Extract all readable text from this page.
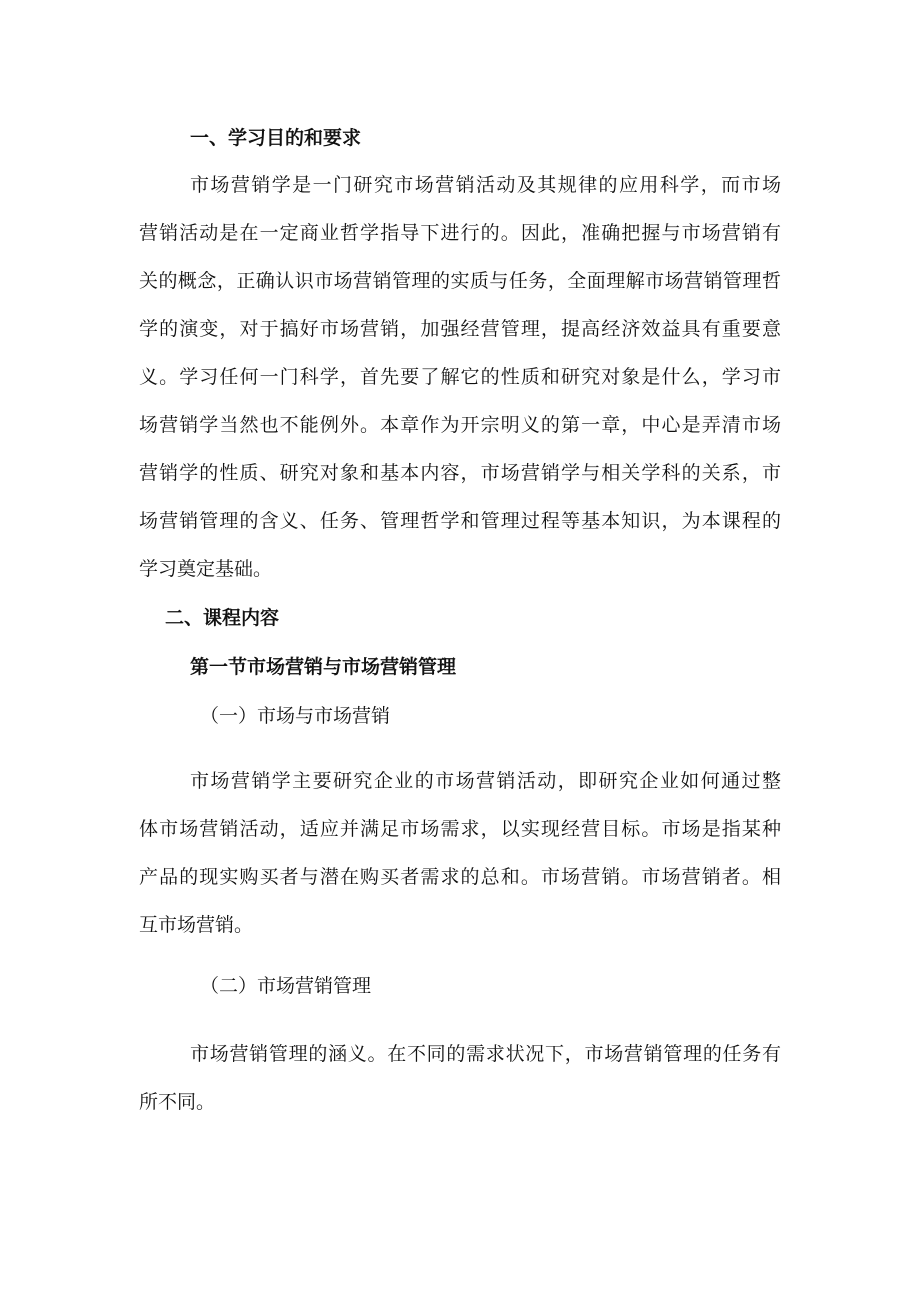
一、学习目的和要求
市场营销学是一门研究市场营销活动及其规律的应用科学，而市场
营销活动是在一定商业哲学指导下进行的。因此，准确把握与市场营销有
关的概念，正确认识市场营销管理的实质与任务，全面理解市场营销管理哲
学的演变，对于搞好市场营销，加强经营管理，提高经济效益具有重要意
义。学习任何一门科学，首先要了解它的性质和研究对象是什么，学习市
场营销学当然也不能例外。本章作为开宗明义的第一章，中心是弄清市场
营销学的性质、研究对象和基本内容，市场营销学与相关学科的关系，市
场营销管理的含义、任务、管理哲学和管理过程等基本知识，为本课程的
学习奠定基础。
二、课程内容
第一节市场营销与市场营销管理
（一）市场与市场营销
市场营销学主要研究企业的市场营销活动，即研究企业如何通过整
体市场营销活动，适应并满足市场需求，以实现经营目标。市场是指某种
产品的现实购买者与潜在购买者需求的总和。市场营销。市场营销者。相
互市场营销。
（二）市场营销管理
市场营销管理的涵义。在不同的需求状况下，市场营销管理的任务有
所不同。
